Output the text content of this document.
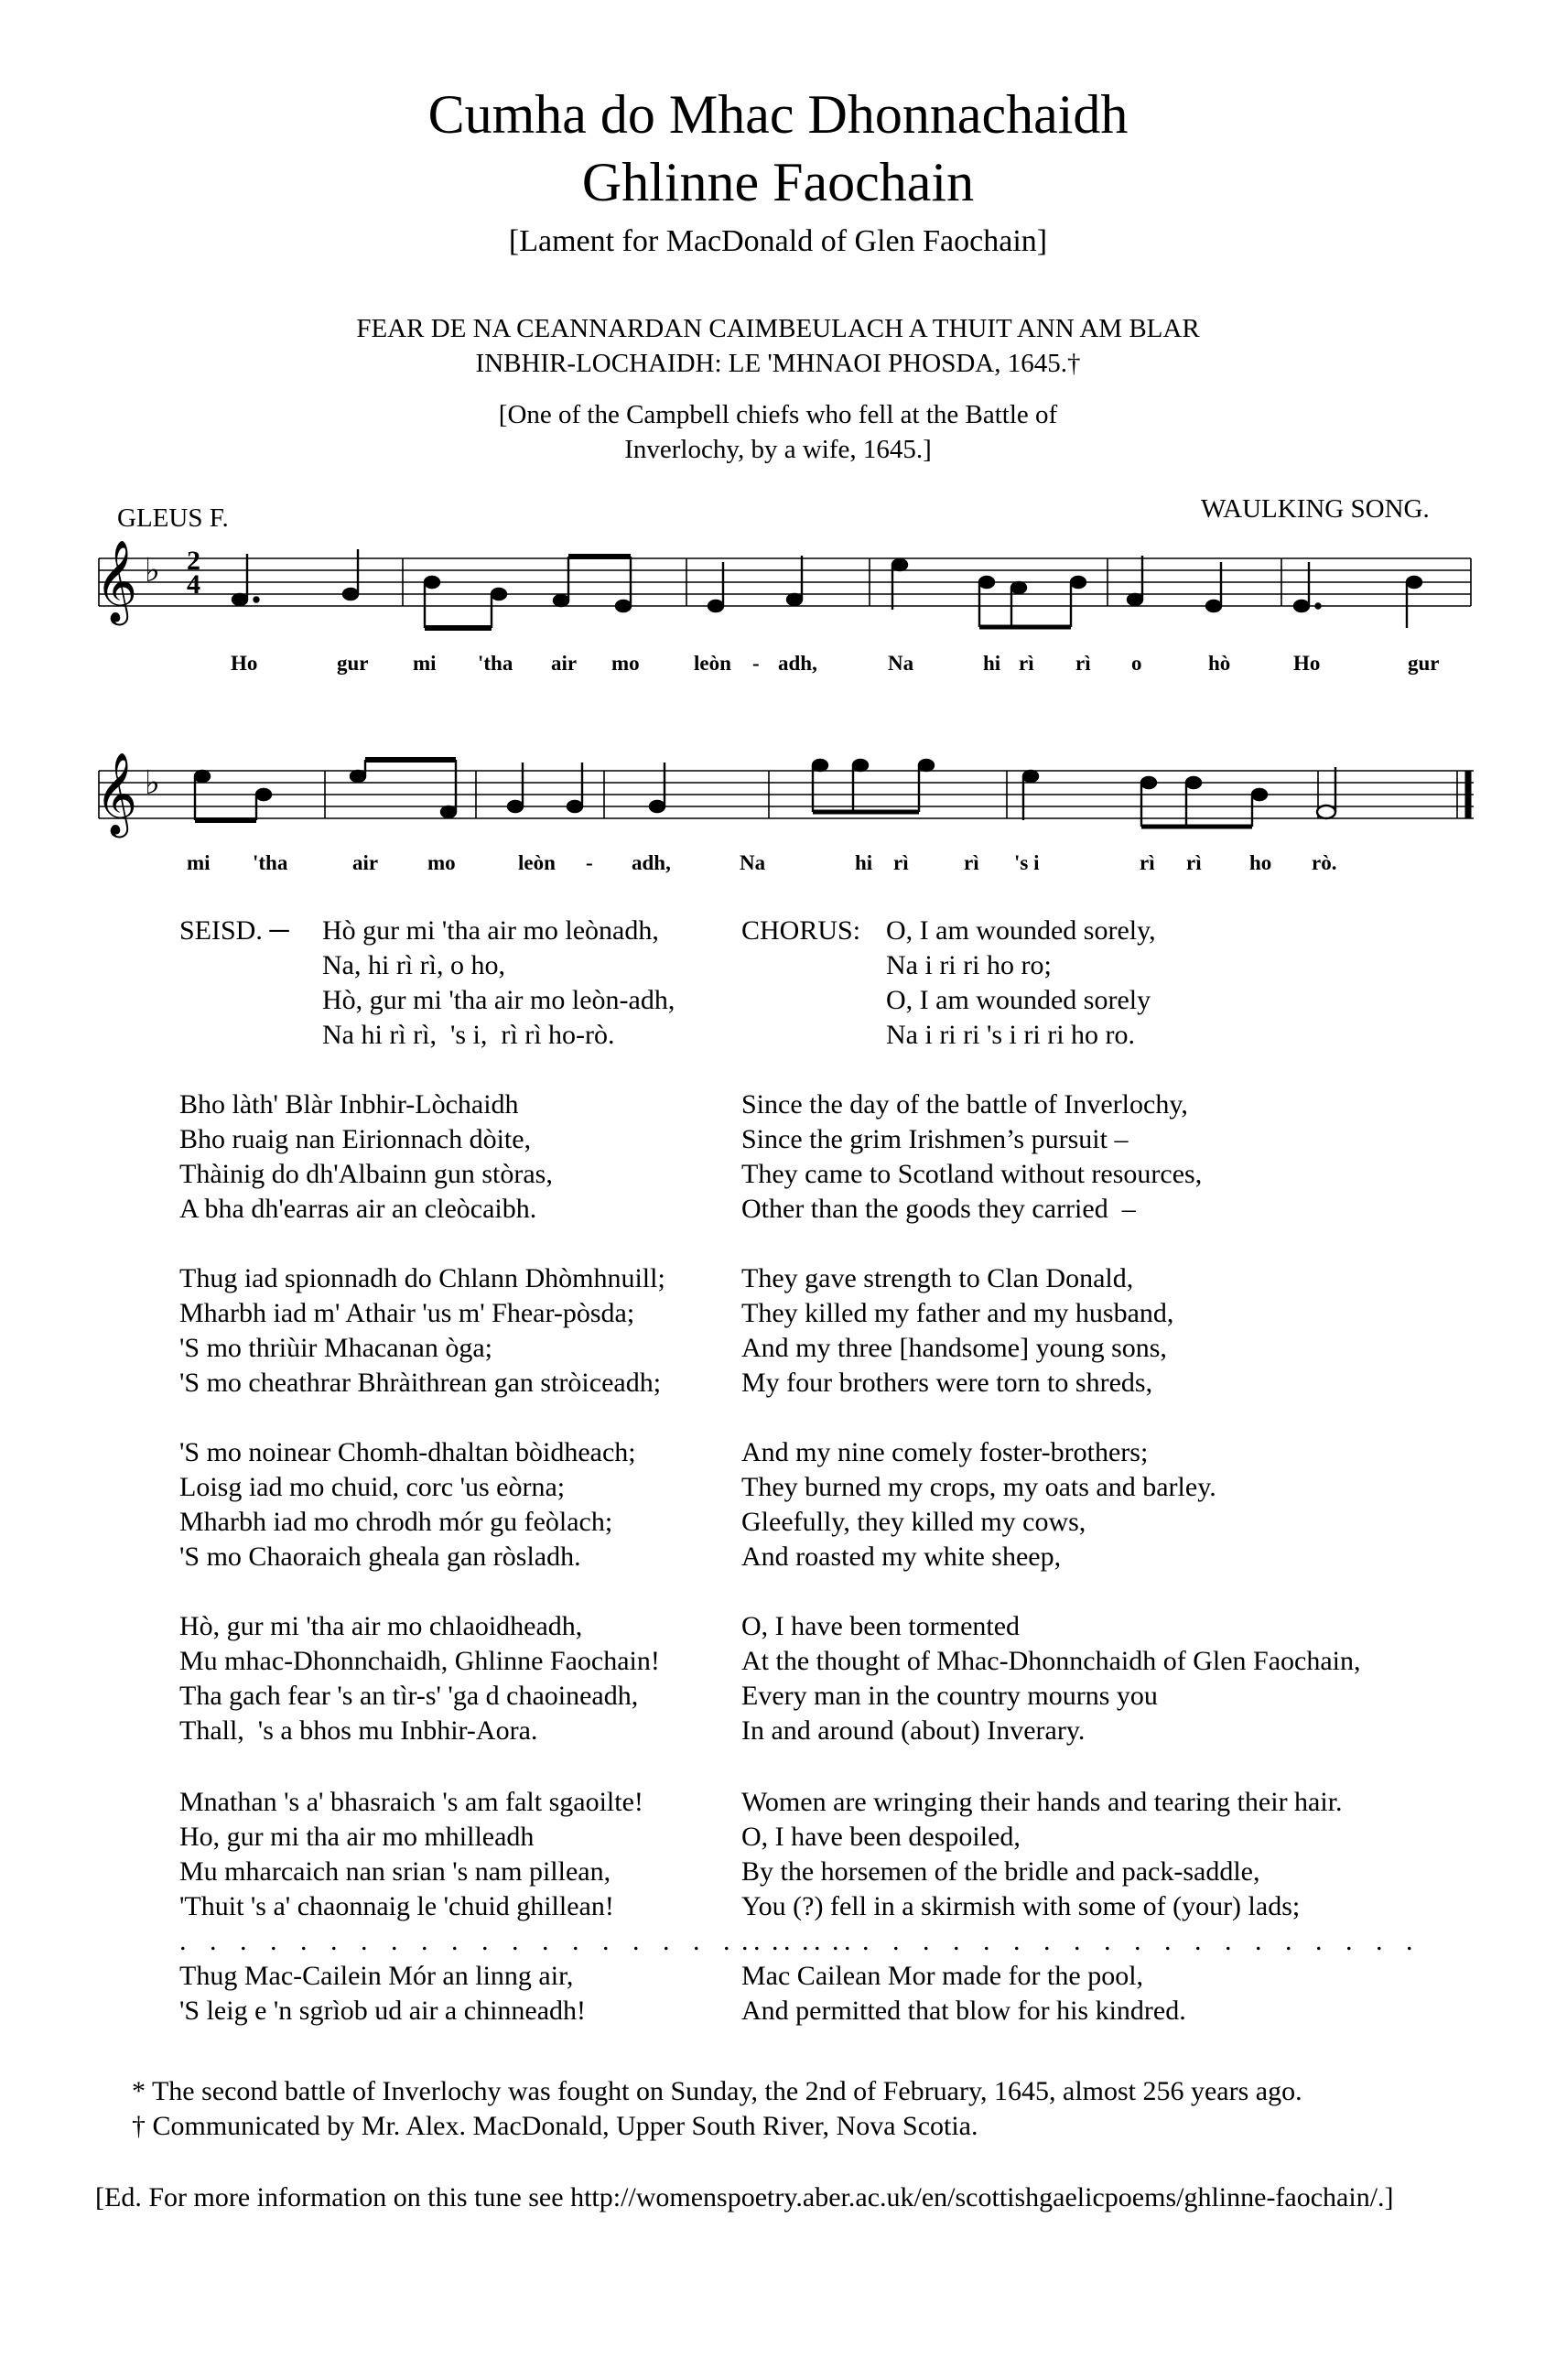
Cumha do Mhac Dhonnachaidh
Ghlinne Faochain
[Lament for MacDonald of Glen Faochain]
FEAR DE NA CEANNARDAN CAIMBEULACH A THUIT ANN AM BLAR
INBHIR-LOCHAIDH: LE 'MHNAOI PHOSDA, 1645.†
[One of the Campbell chiefs who fell at the Battle of
Inverlochy, by a wife, 1645.]
GLEUS F.	WAULKING SONG.
𝄞 ♭ 2
4
Ho	gur mi 'tha air mo	leòn - adh,	Na	hi rì rì o	hò	Ho	gur
𝄞 ♭
mi 'tha	air mo	leòn - adh,	Na	hi rì	rì 's i	rì rì ho rò.
SEISD. ─ Hò gur mi 'tha air mo leònadh,
Na, hi rì rì, o ho,
Hò, gur mi 'tha air mo leòn-adh,
Na hi rì rì,  's i,  rì rì ho-rò.
CHORUS: O, I am wounded sorely,
Na i ri ri ho ro;
O, I am wounded sorely
Na i ri ri 's i ri ri ho ro.
Bho làth' Blàr Inbhir-Lòchaidh
Bho ruaig nan Eirionnach dòite,
Thàinig do dh'Albainn gun stòras,
A bha dh'earras air an cleòcaibh.
Thug iad spionnadh do Chlann Dhòmhnuill;
Mharbh iad m' Athair 'us m' Fhear-pòsda;
'S mo thriùir Mhacanan òga;
'S mo cheathrar Bhràithrean gan stròiceadh;
'S mo noinear Chomh-dhaltan bòidheach;
Loisg iad mo chuid, corc 'us eòrna;
Mharbh iad mo chrodh mór gu feòlach;
'S mo Chaoraich gheala gan ròsladh.
Hò, gur mi 'tha air mo chlaoidheadh,
Mu mhac-Dhonnchaidh, Ghlinne Faochain!
Tha gach fear 's an tìr-s' 'ga d chaoineadh,
Thall,  's a bhos mu Inbhir-Aora.
Mnathan 's a' bhasraich 's am falt sgaoilte!
Ho, gur mi tha air mo mhilleadh
Mu mharcaich nan srian 's nam pillean,
'Thuit 's a' chaonnaig le 'chuid ghillean!
. . . . . . . . . . . . . . . . . . . . . . .
Thug Mac-Cailein Mór an linng air,
'S leig e 'n sgrìob ud air a chinneadh!
Since the day of the battle of Inverlochy,
Since the grim Irishmen’s pursuit –
They came to Scotland without resources,
Other than the goods they carried  –
They gave strength to Clan Donald,
They killed my father and my husband,
And my three [handsome] young sons,
My four brothers were torn to shreds,
And my nine comely foster-brothers;
They burned my crops, my oats and barley.
Gleefully, they killed my cows,
And roasted my white sheep,
O, I have been tormented
At the thought of Mhac-Dhonnchaidh of Glen Faochain,
Every man in the country mourns you
In and around (about) Inverary.
Women are wringing their hands and tearing their hair.
O, I have been despoiled,
By the horsemen of the bridle and pack-saddle,
You (?) fell in a skirmish with some of (your) lads;
. . . . . . . . . . . . . . . . . . . . . . .
Mac Cailean Mor made for the pool,
And permitted that blow for his kindred.
* The second battle of Inverlochy was fought on Sunday, the 2nd of February, 1645, almost 256 years ago.
† Communicated by Mr. Alex. MacDonald, Upper South River, Nova Scotia.
[Ed. For more information on this tune see http://womenspoetry.aber.ac.uk/en/scottishgaelicpoems/ghlinne-faochain/.]
